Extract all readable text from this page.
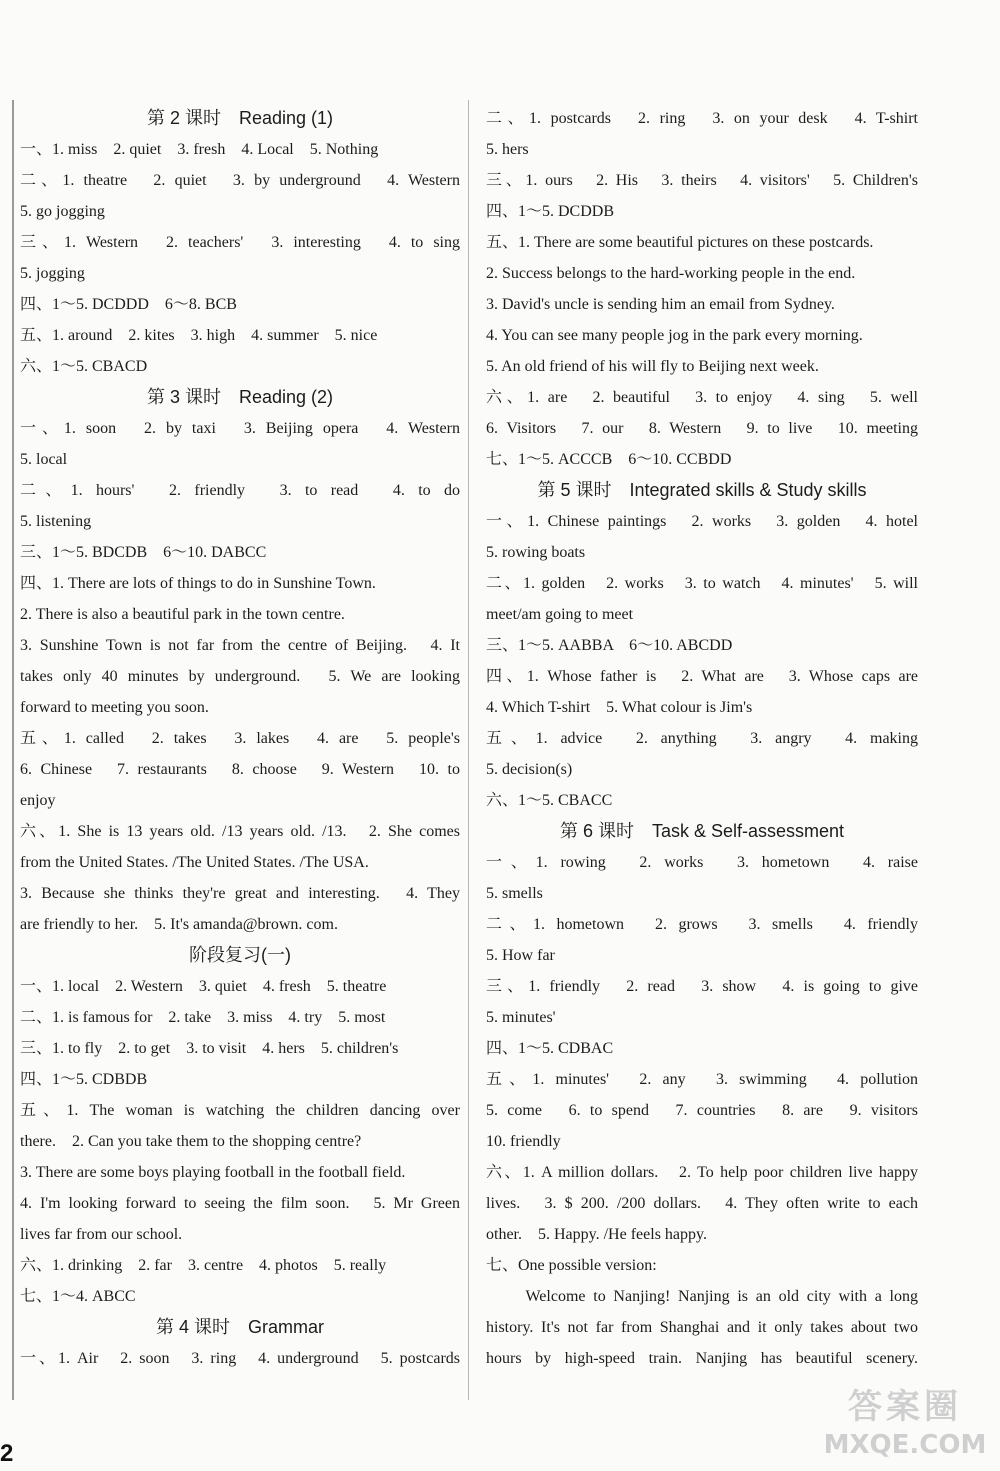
第 2 课时　Reading (1)
一、1. miss　2. quiet　3. fresh　4. Local　5. Nothing
二、1. theatre　2. quiet　3. by underground　4. Western
5. go jogging
三、1. Western　2. teachers'　3. interesting　4. to sing
5. jogging
四、1～5. DCDDD　6～8. BCB
五、1. around　2. kites　3. high　4. summer　5. nice
六、1～5. CBACD
第 3 课时　Reading (2)
一、1. soon　2. by taxi　3. Beijing opera　4. Western
5. local
二、1. hours'　2. friendly　3. to read　4. to do
5. listening
三、1～5. BDCDB　6～10. DABCC
四、1. There are lots of things to do in Sunshine Town.
2. There is also a beautiful park in the town centre.
3. Sunshine Town is not far from the centre of Beijing.　4. It
takes only 40 minutes by underground.　5. We are looking
forward to meeting you soon.
五、1. called　2. takes　3. lakes　4. are　5. people's
6. Chinese　7. restaurants　8. choose　9. Western　10. to
enjoy
六、1. She is 13 years old. /13 years old. /13.　2. She comes
from the United States. /The United States. /The USA.
3. Because she thinks they're great and interesting.　4. They
are friendly to her.　5. It's amanda@brown. com.
阶段复习(一)
一、1. local　2. Western　3. quiet　4. fresh　5. theatre
二、1. is famous for　2. take　3. miss　4. try　5. most
三、1. to fly　2. to get　3. to visit　4. hers　5. children's
四、1～5. CDBDB
五、1. The woman is watching the children dancing over
there.　2. Can you take them to the shopping centre?
3. There are some boys playing football in the football field.
4. I'm looking forward to seeing the film soon.　5. Mr Green
lives far from our school.
六、1. drinking　2. far　3. centre　4. photos　5. really
七、1～4. ABCC
第 4 课时　Grammar
一、1. Air　2. soon　3. ring　4. underground　5. postcards
二、1. postcards　2. ring　3. on your desk　4. T-shirt
5. hers
三、1. ours　2. His　3. theirs　4. visitors'　5. Children's
四、1～5. DCDDB
五、1. There are some beautiful pictures on these postcards.
2. Success belongs to the hard-working people in the end.
3. David's uncle is sending him an email from Sydney.
4. You can see many people jog in the park every morning.
5. An old friend of his will fly to Beijing next week.
六、1. are　2. beautiful　3. to enjoy　4. sing　5. well
6. Visitors　7. our　8. Western　9. to live　10. meeting
七、1～5. ACCCB　6～10. CCBDD
第 5 课时　Integrated skills & Study skills
一、1. Chinese paintings　2. works　3. golden　4. hotel
5. rowing boats
二、1. golden　2. works　3. to watch　4. minutes'　5. will
meet/am going to meet
三、1～5. AABBA　6～10. ABCDD
四、1. Whose father is　2. What are　3. Whose caps are
4. Which T-shirt　5. What colour is Jim's
五、1. advice　2. anything　3. angry　4. making
5. decision(s)
六、1～5. CBACC
第 6 课时　Task & Self-assessment
一、1. rowing　2. works　3. hometown　4. raise
5. smells
二、1. hometown　2. grows　3. smells　4. friendly
5. How far
三、1. friendly　2. read　3. show　4. is going to give
5. minutes'
四、1～5. CDBAC
五、1. minutes'　2. any　3. swimming　4. pollution
5. come　6. to spend　7. countries　8. are　9. visitors
10. friendly
六、1. A million dollars.　2. To help poor children live happy
lives.　3. $ 200. /200 dollars.　4. They often write to each
other.　5. Happy. /He feels happy.
七、One possible version:
　　Welcome to Nanjing! Nanjing is an old city with a long
history. It's not far from Shanghai and it only takes about two
hours by high-speed train. Nanjing has beautiful scenery.
2
答案圈
MXQE.COM
